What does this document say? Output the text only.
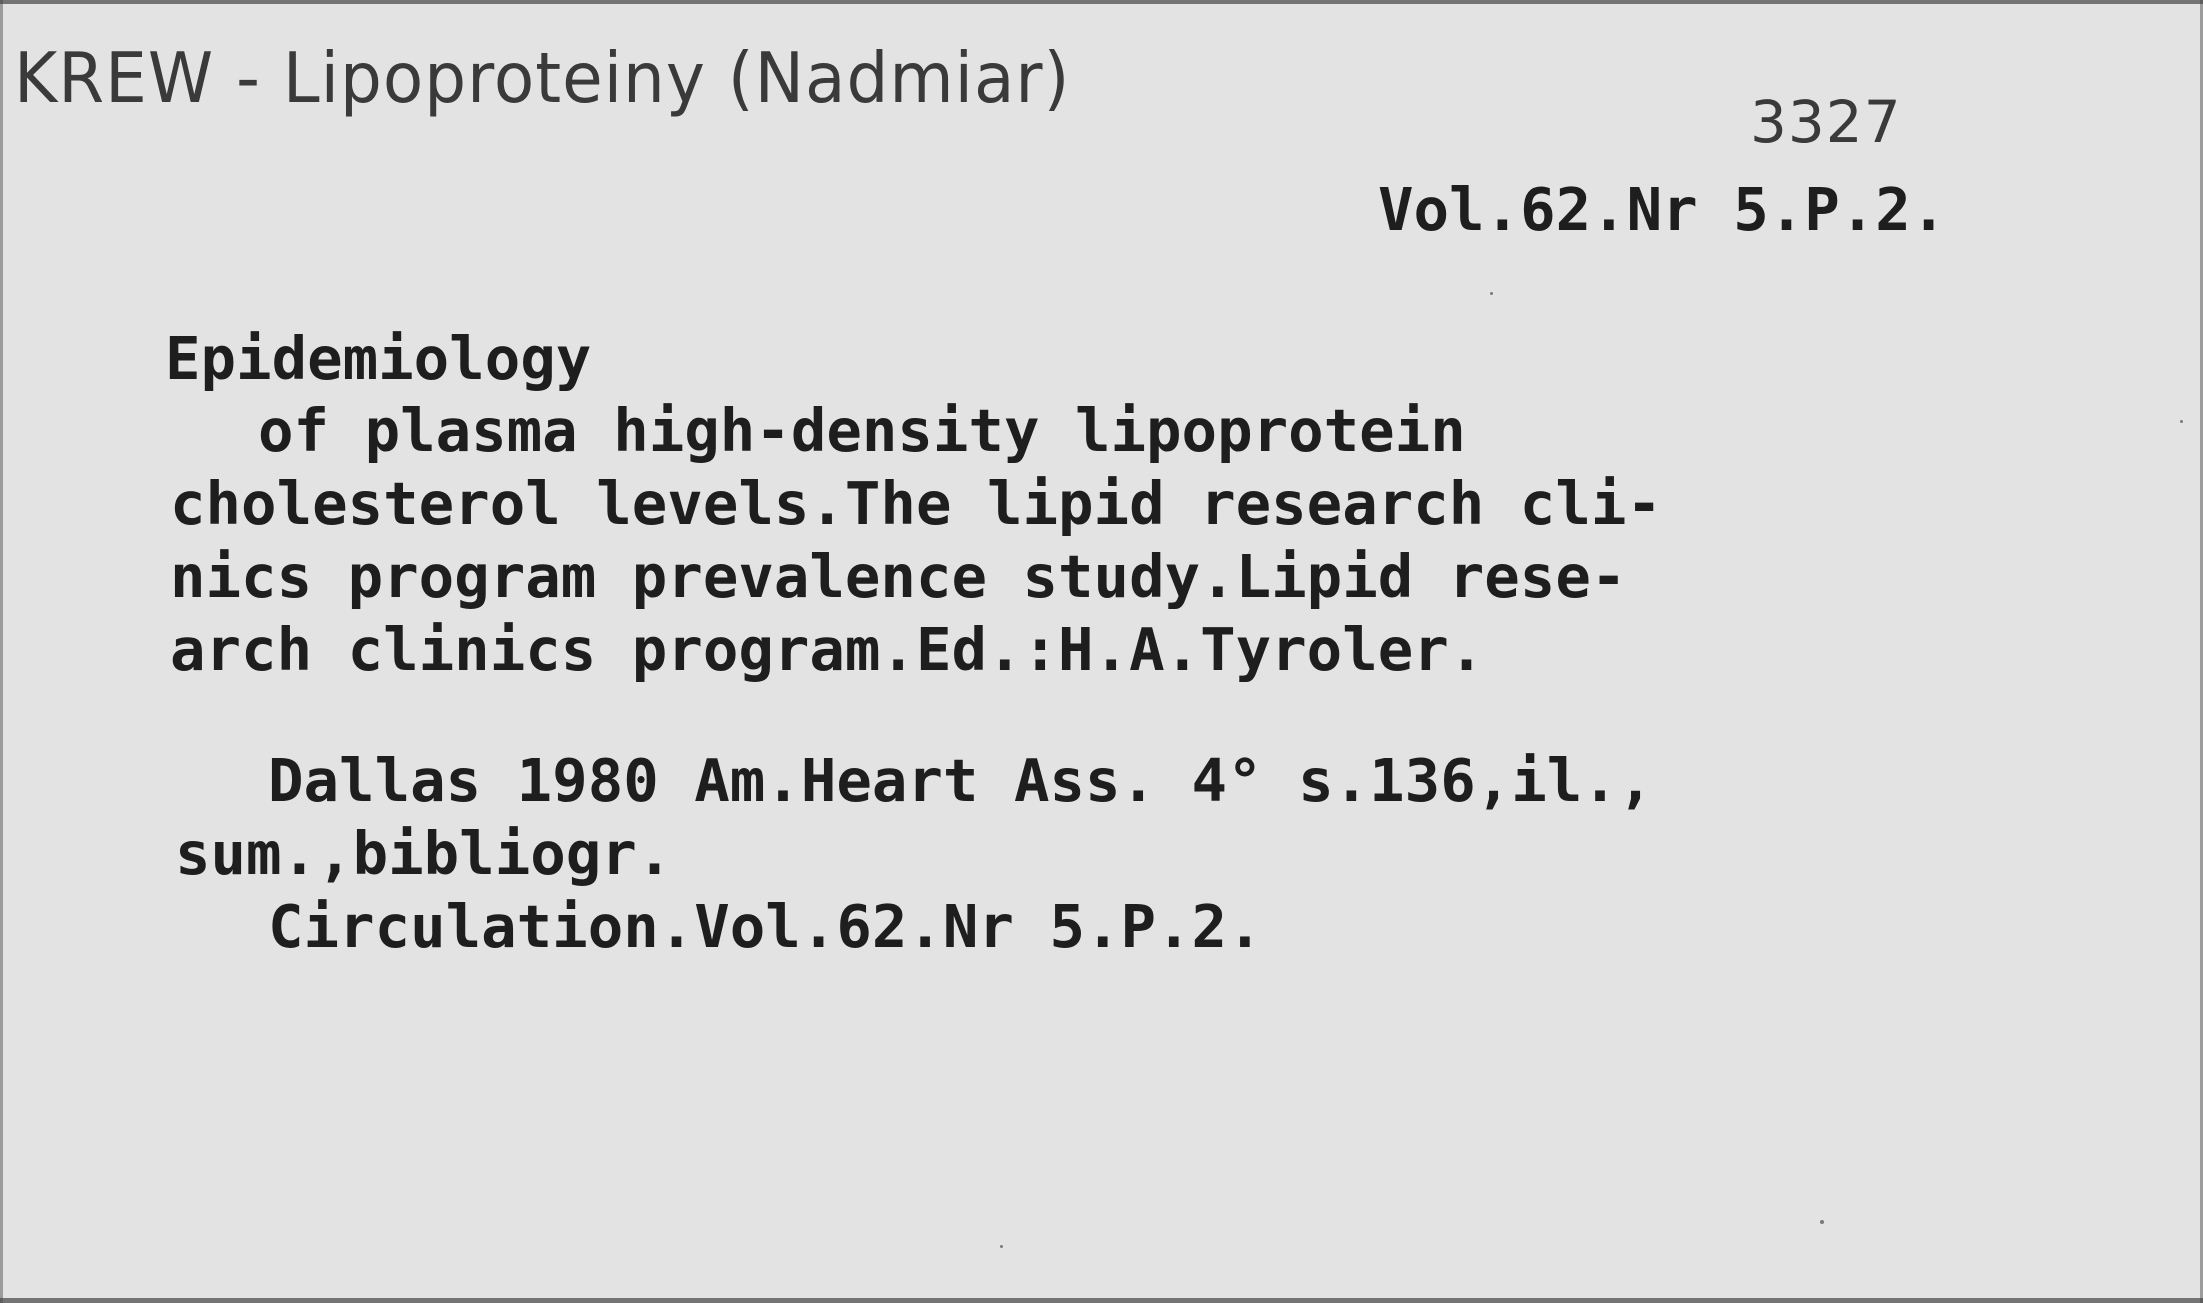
KREW - Lipoproteiny (Nadmiar)
3327
Vol.62.Nr 5.P.2.
Epidemiology
of plasma high-density lipoprotein
cholesterol levels.The lipid research cli-
nics program prevalence study.Lipid rese-
arch clinics program.Ed.:H.A.Tyroler.
Dallas 1980 Am.Heart Ass. 4° s.136,il.,
sum.,bibliogr.
Circulation.Vol.62.Nr 5.P.2.
